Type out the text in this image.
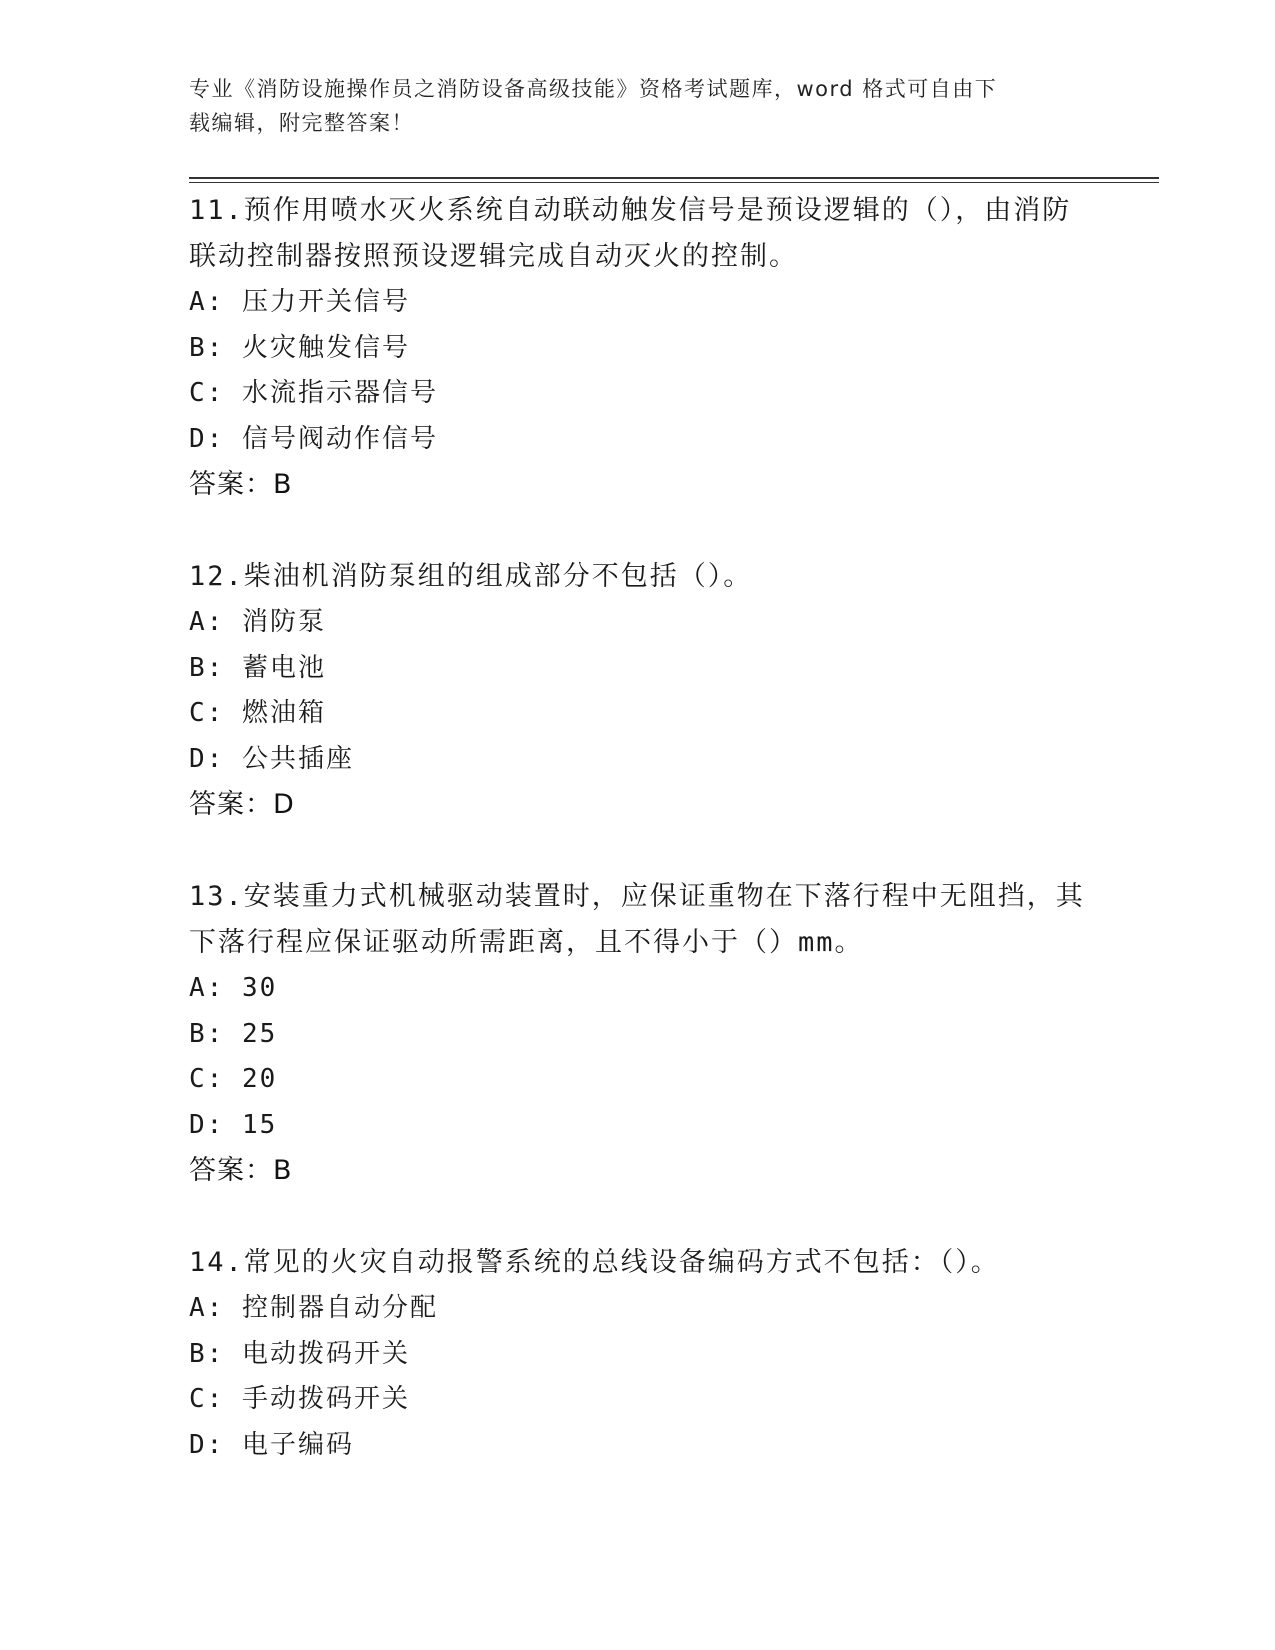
专业《消防设施操作员之消防设备高级技能》资格考试题库，word 格式可自由下
载编辑，附完整答案！

11.预作用喷水灭火系统自动联动触发信号是预设逻辑的（），由消防

联动控制器按照预设逻辑完成自动灭火的控制。

A: 压力开关信号

B: 火灾触发信号

C: 水流指示器信号

D: 信号阀动作信号

答案：B

12.柴油机消防泵组的组成部分不包括（）。

A: 消防泵

B: 蓄电池

C: 燃油箱

D: 公共插座

答案：D

13.安装重力式机械驱动装置时，应保证重物在下落行程中无阻挡，其

下落行程应保证驱动所需距离，且不得小于（）mm。

A: 30

B: 25

C: 20

D: 15

答案：B

14.常见的火灾自动报警系统的总线设备编码方式不包括：（）。

A: 控制器自动分配

B: 电动拨码开关

C: 手动拨码开关

D: 电子编码
